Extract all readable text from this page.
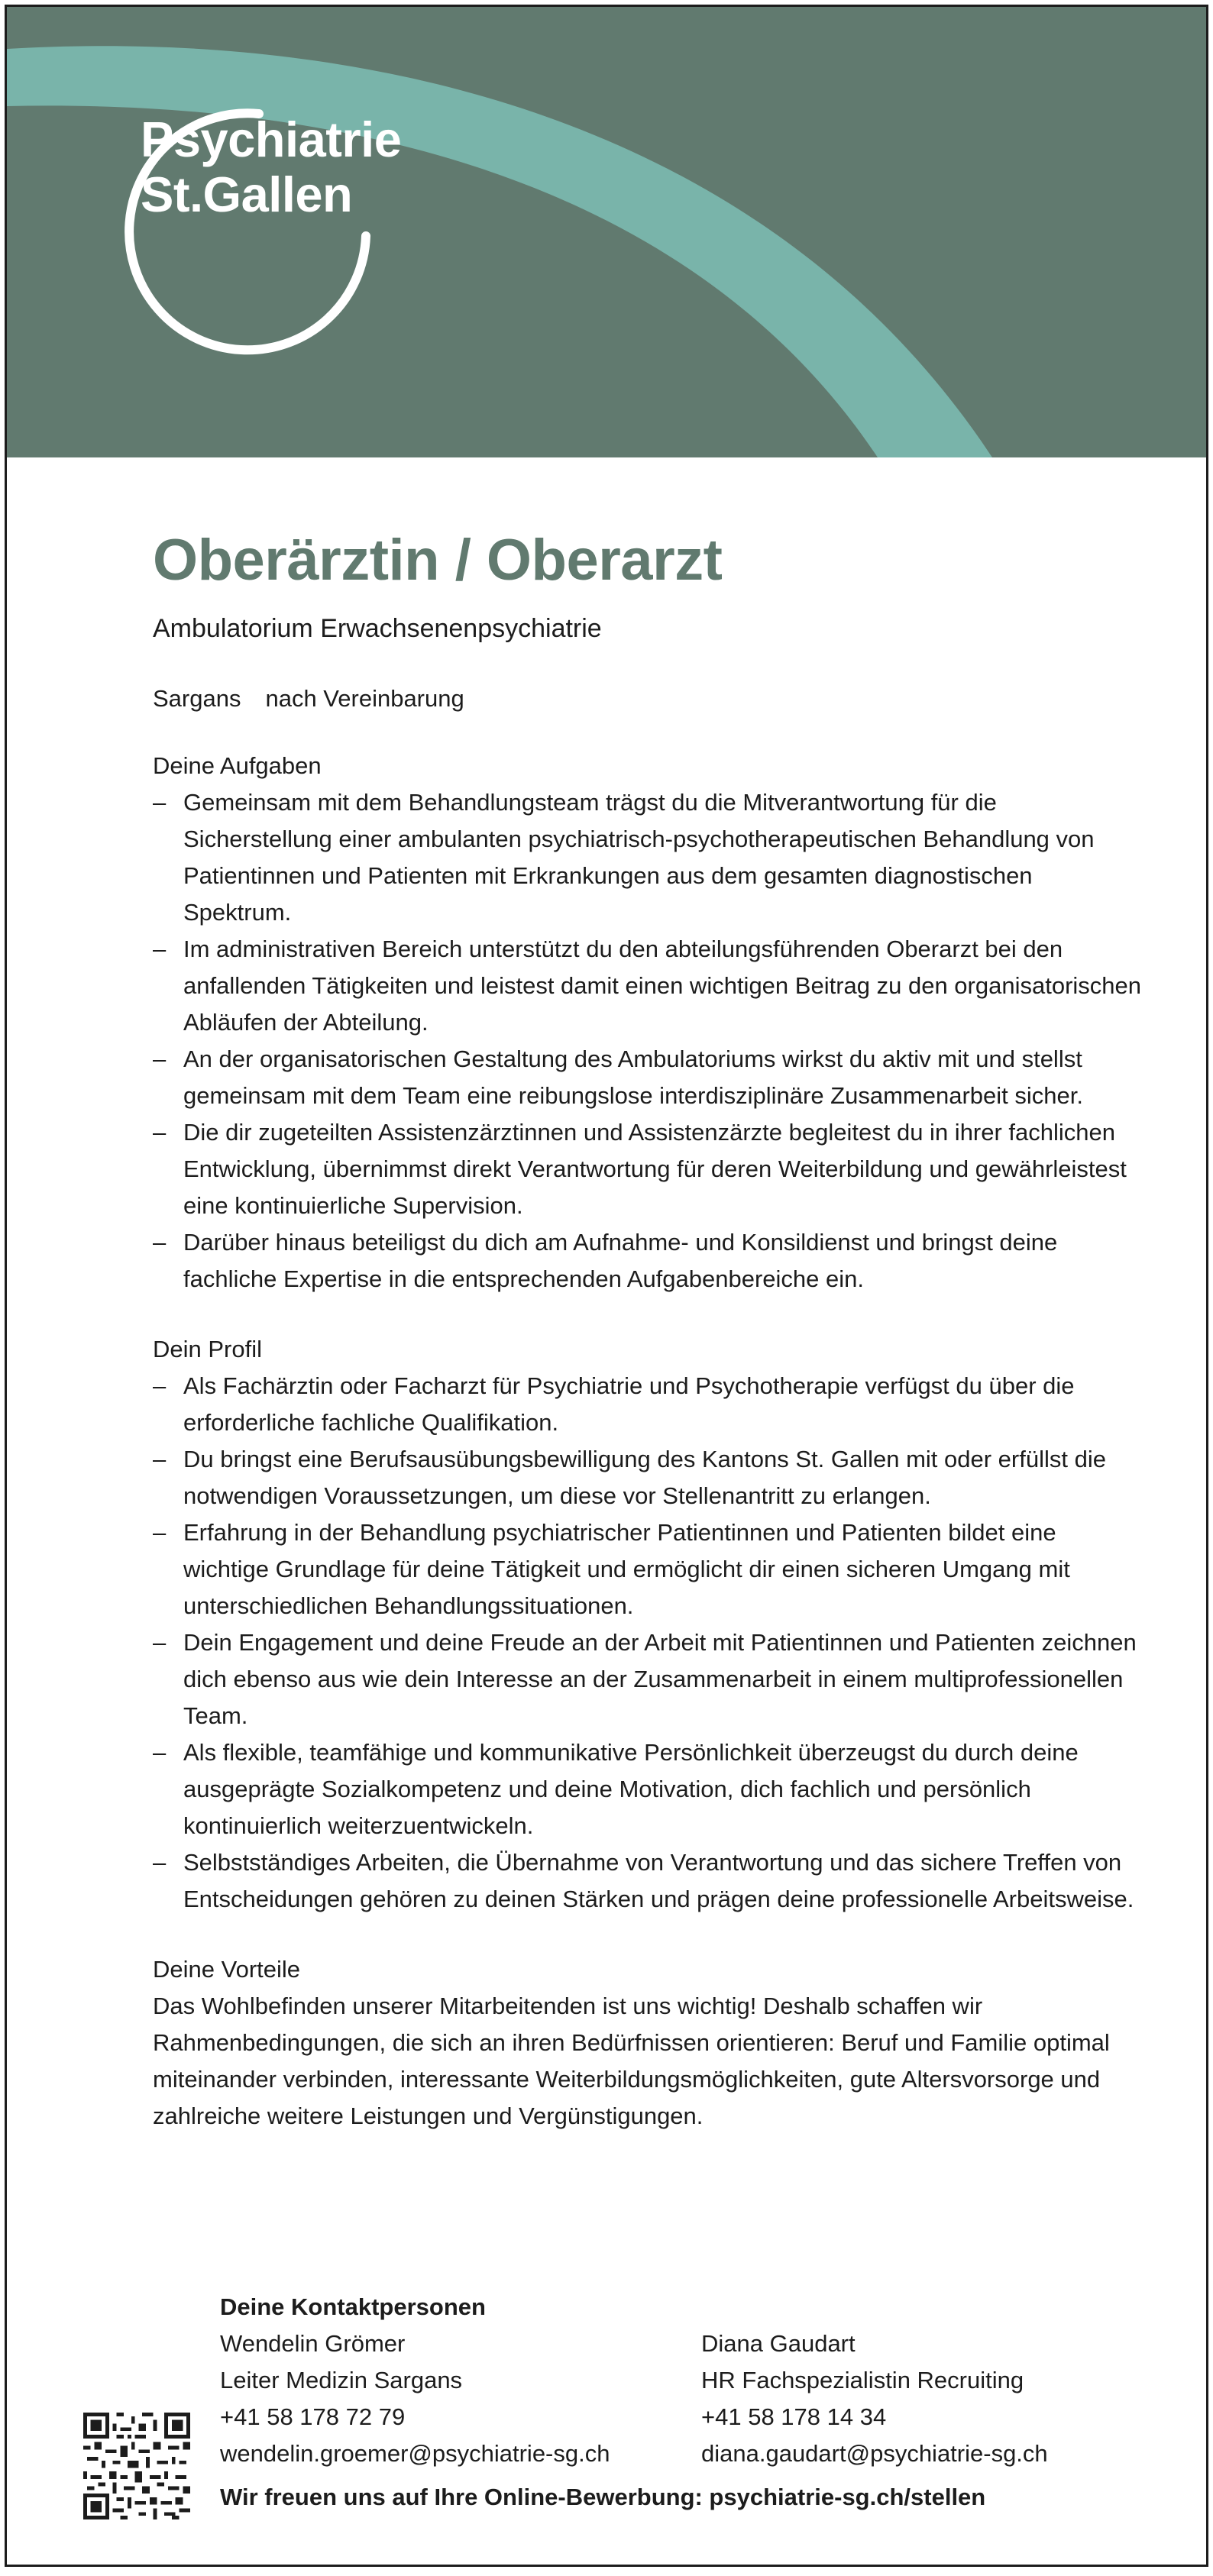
Psychiatrie
St.Gallen
Oberärztin / Oberarzt
Ambulatorium Erwachsenenpsychiatrie
Sargans nach Vereinbarung
Deine Aufgaben
– Gemeinsam mit dem Behandlungsteam trägst du die Mitverantwortung für die Sicherstellung einer ambulanten psychiatrisch-psychotherapeutischen Behandlung von Patientinnen und Patienten mit Erkrankungen aus dem gesamten diagnostischen Spektrum.
– Im administrativen Bereich unterstützt du den abteilungsführenden Oberarzt bei den anfallenden Tätigkeiten und leistest damit einen wichtigen Beitrag zu den organisatorischen Abläufen der Abteilung.
– An der organisatorischen Gestaltung des Ambulatoriums wirkst du aktiv mit und stellst gemeinsam mit dem Team eine reibungslose interdisziplinäre Zusammenarbeit sicher.
– Die dir zugeteilten Assistenzärztinnen und Assistenzärzte begleitest du in ihrer fachlichen Entwicklung, übernimmst direkt Verantwortung für deren Weiterbildung und gewährleistest eine kontinuierliche Supervision.
– Darüber hinaus beteiligst du dich am Aufnahme- und Konsildienst und bringst deine fachliche Expertise in die entsprechenden Aufgabenbereiche ein.
Dein Profil
– Als Fachärztin oder Facharzt für Psychiatrie und Psychotherapie verfügst du über die erforderliche fachliche Qualifikation.
– Du bringst eine Berufsausübungsbewilligung des Kantons St. Gallen mit oder erfüllst die notwendigen Voraussetzungen, um diese vor Stellenantritt zu erlangen.
– Erfahrung in der Behandlung psychiatrischer Patientinnen und Patienten bildet eine wichtige Grundlage für deine Tätigkeit und ermöglicht dir einen sicheren Umgang mit unterschiedlichen Behandlungssituationen.
– Dein Engagement und deine Freude an der Arbeit mit Patientinnen und Patienten zeichnen dich ebenso aus wie dein Interesse an der Zusammenarbeit in einem multiprofessionellen Team.
– Als flexible, teamfähige und kommunikative Persönlichkeit überzeugst du durch deine ausgeprägte Sozialkompetenz und deine Motivation, dich fachlich und persönlich kontinuierlich weiterzuentwickeln.
– Selbstständiges Arbeiten, die Übernahme von Verantwortung und das sichere Treffen von Entscheidungen gehören zu deinen Stärken und prägen deine professionelle Arbeitsweise.
Deine Vorteile
Das Wohlbefinden unserer Mitarbeitenden ist uns wichtig! Deshalb schaffen wir Rahmenbedingungen, die sich an ihren Bedürfnissen orientieren: Beruf und Familie optimal miteinander verbinden, interessante Weiterbildungsmöglichkeiten, gute Altersvorsorge und zahlreiche weitere Leistungen und Vergünstigungen.
Deine Kontaktpersonen
Wendelin Grömer
Leiter Medizin Sargans
+41 58 178 72 79
wendelin.groemer@psychiatrie-sg.ch
Diana Gaudart
HR Fachspezialistin Recruiting
+41 58 178 14 34
diana.gaudart@psychiatrie-sg.ch
Wir freuen uns auf Ihre Online-Bewerbung: psychiatrie-sg.ch/stellen
